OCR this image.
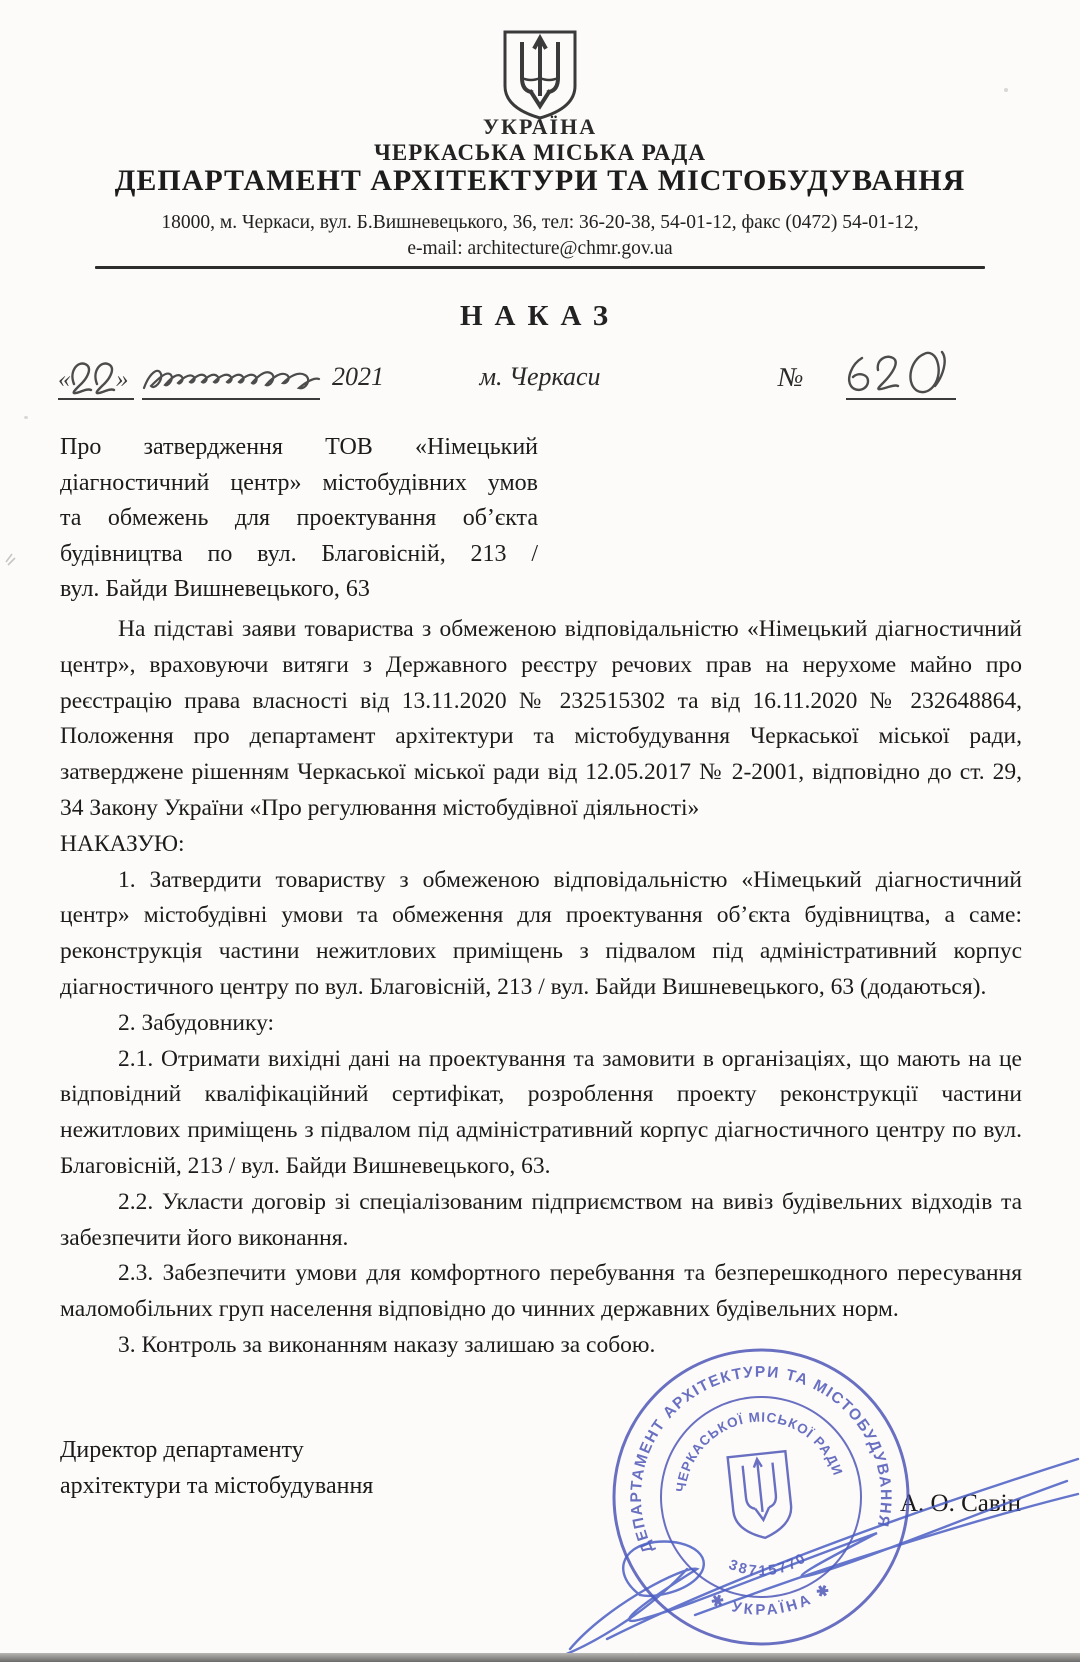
УКРАЇНА
ЧЕРКАСЬКА МІСЬКА РАДА
ДЕПАРТАМЕНТ АРХІТЕКТУРИ ТА МІСТОБУДУВАННЯ
18000, м. Черкаси, вул. Б.Вишневецького, 36, тел: 36-20-38, 54-01-12, факс (0472) 54-01-12,
e-mail: architecture@chmr.gov.ua
НАКАЗ
« »	2021	м. Черкаси	№
Про затвердження ТОВ «Німецький
діагностичний центр» містобудівних умов
та обмежень для проектування об’єкта
будівництва по вул. Благовісній, 213 /
вул. Байди Вишневецького, 63

На підставі заяви товариства з обмеженою відповідальністю «Німецький діагностичний центр», враховуючи витяги з Державного реєстру речових прав на нерухоме майно про реєстрацію права власності від 13.11.2020 № 232515302 та від 16.11.2020 № 232648864, Положення про департамент архітектури та містобудування Черкаської міської ради, затверджене рішенням Черкаської міської ради від 12.05.2017 № 2-2001, відповідно до ст. 29, 34 Закону України «Про регулювання містобудівної діяльності»

НАКАЗУЮ:

1. Затвердити товариству з обмеженою відповідальністю «Німецький діагностичний центр» містобудівні умови та обмеження для проектування об’єкта будівництва, а саме: реконструкція частини нежитлових приміщень з підвалом під адміністративний корпус діагностичного центру по вул. Благовісній, 213 / вул. Байди Вишневецького, 63 (додаються).

2. Забудовнику:

2.1. Отримати вихідні дані на проектування та замовити в організаціях, що мають на це відповідний кваліфікаційний сертифікат, розроблення проекту реконструкції частини нежитлових приміщень з підвалом під адміністративний корпус діагностичного центру по вул. Благовісній, 213 / вул. Байди Вишневецького, 63.

2.2. Укласти договір зі спеціалізованим підприємством на вивіз будівельних відходів та забезпечити його виконання.

2.3. Забезпечити умови для комфортного перебування та безперешкодного пересування маломобільних груп населення відповідно до чинних державних будівельних норм.

3. Контроль за виконанням наказу залишаю за собою.

Директор департаменту
архітектури та містобудування
А. О. Савін
ДЕПАРТАМЕНТ АРХІТЕКТУРИ ТА МІСТОБУДУВАННЯ
✱ УКРАЇНА ✱
ЧЕРКАСЬКОЇ МІСЬКОЇ РАДИ
38715770
